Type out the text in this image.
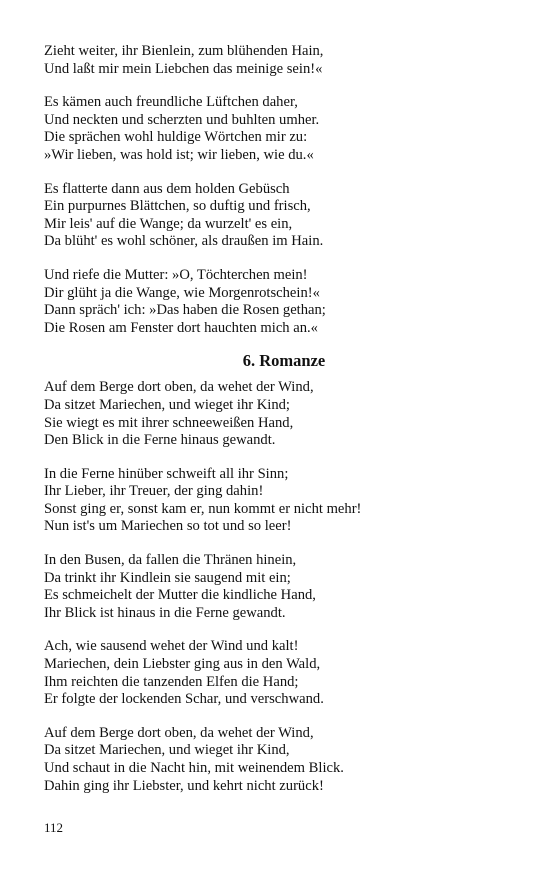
Zieht weiter, ihr Bienlein, zum blühenden Hain,
Und laßt mir mein Liebchen das meinige sein!«
Es kämen auch freundliche Lüftchen daher,
Und neckten und scherzten und buhlten umher.
Die sprächen wohl huldige Wörtchen mir zu:
»Wir lieben, was hold ist; wir lieben, wie du.«
Es flatterte dann aus dem holden Gebüsch
Ein purpurnes Blättchen, so duftig und frisch,
Mir leis' auf die Wange; da wurzelt' es ein,
Da blüht' es wohl schöner, als draußen im Hain.
Und riefe die Mutter: »O, Töchterchen mein!
Dir glüht ja die Wange, wie Morgenrotschein!«
Dann spräch' ich: »Das haben die Rosen gethan;
Die Rosen am Fenster dort hauchten mich an.«
6. Romanze
Auf dem Berge dort oben, da wehet der Wind,
Da sitzet Mariechen, und wieget ihr Kind;
Sie wiegt es mit ihrer schneeweißen Hand,
Den Blick in die Ferne hinaus gewandt.
In die Ferne hinüber schweift all ihr Sinn;
Ihr Lieber, ihr Treuer, der ging dahin!
Sonst ging er, sonst kam er, nun kommt er nicht mehr!
Nun ist's um Mariechen so tot und so leer!
In den Busen, da fallen die Thränen hinein,
Da trinkt ihr Kindlein sie saugend mit ein;
Es schmeichelt der Mutter die kindliche Hand,
Ihr Blick ist hinaus in die Ferne gewandt.
Ach, wie sausend wehet der Wind und kalt!
Mariechen, dein Liebster ging aus in den Wald,
Ihm reichten die tanzenden Elfen die Hand;
Er folgte der lockenden Schar, und verschwand.
Auf dem Berge dort oben, da wehet der Wind,
Da sitzet Mariechen, und wieget ihr Kind,
Und schaut in die Nacht hin, mit weinendem Blick.
Dahin ging ihr Liebster, und kehrt nicht zurück!
112
